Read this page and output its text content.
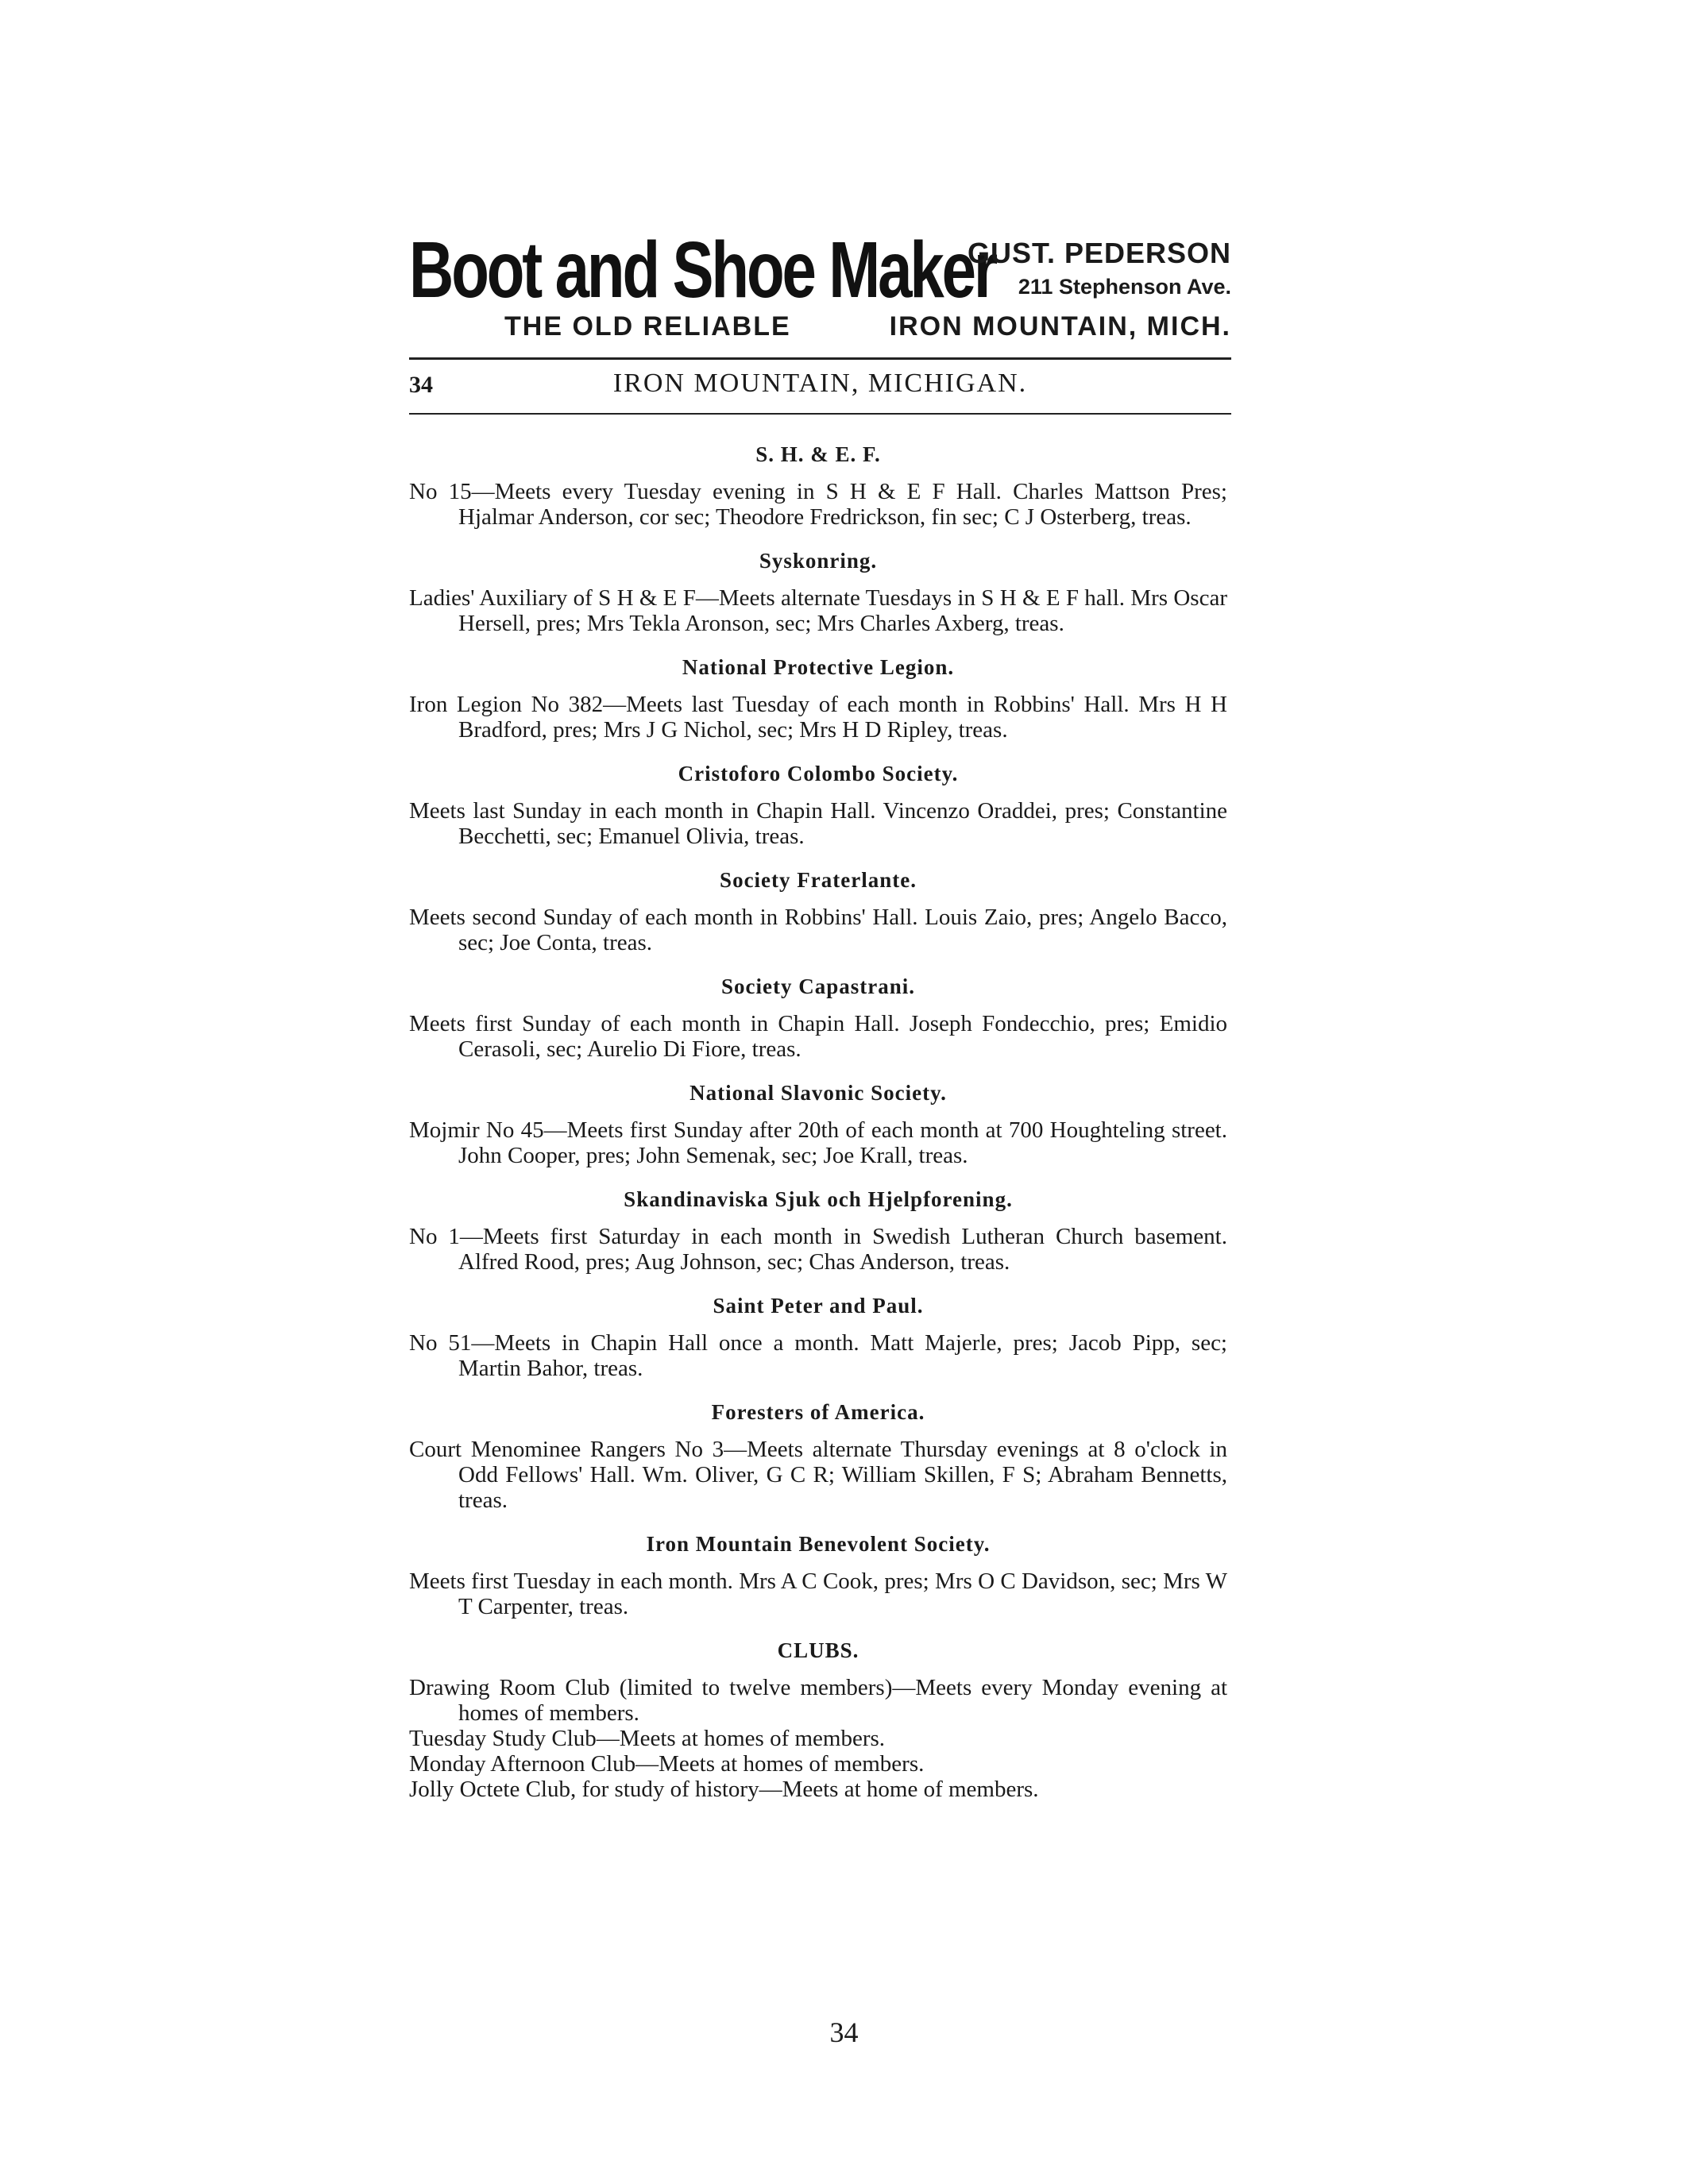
Boot and Shoe Maker
GUST. PEDERSON
211 Stephenson Ave.
THE OLD RELIABLE	IRON MOUNTAIN, MICH.
34	IRON MOUNTAIN, MICHIGAN.
S. H. & E. F.

No 15—Meets every Tuesday evening in S H & E F Hall. Charles Mattson Pres; Hjalmar Anderson, cor sec; Theodore Fredrickson, fin sec; C J Osterberg, treas.

Syskonring.

Ladies' Auxiliary of S H & E F—Meets alternate Tuesdays in S H & E F hall. Mrs Oscar Hersell, pres; Mrs Tekla Aronson, sec; Mrs Charles Axberg, treas.

National Protective Legion.

Iron Legion No 382—Meets last Tuesday of each month in Robbins' Hall. Mrs H H Bradford, pres; Mrs J G Nichol, sec; Mrs H D Ripley, treas.

Cristoforo Colombo Society.

Meets last Sunday in each month in Chapin Hall. Vincenzo Oraddei, pres; Constantine Becchetti, sec; Emanuel Olivia, treas.

Society Fraterlante.

Meets second Sunday of each month in Robbins' Hall. Louis Zaio, pres; Angelo Bacco, sec; Joe Conta, treas.

Society Capastrani.

Meets first Sunday of each month in Chapin Hall. Joseph Fondecchio, pres; Emidio Cerasoli, sec; Aurelio Di Fiore, treas.

National Slavonic Society.

Mojmir No 45—Meets first Sunday after 20th of each month at 700 Houghteling street. John Cooper, pres; John Semenak, sec; Joe Krall, treas.

Skandinaviska Sjuk och Hjelpforening.

No 1—Meets first Saturday in each month in Swedish Lutheran Church basement. Alfred Rood, pres; Aug Johnson, sec; Chas Anderson, treas.

Saint Peter and Paul.

No 51—Meets in Chapin Hall once a month. Matt Majerle, pres; Jacob Pipp, sec; Martin Bahor, treas.

Foresters of America.

Court Menominee Rangers No 3—Meets alternate Thursday evenings at 8 o'clock in Odd Fellows' Hall. Wm. Oliver, G C R; William Skillen, F S; Abraham Bennetts, treas.

Iron Mountain Benevolent Society.

Meets first Tuesday in each month. Mrs A C Cook, pres; Mrs O C Davidson, sec; Mrs W T Carpenter, treas.

CLUBS.

Drawing Room Club (limited to twelve members)—Meets every Monday evening at homes of members.

Tuesday Study Club—Meets at homes of members.

Monday Afternoon Club—Meets at homes of members.

Jolly Octete Club, for study of history—Meets at home of members.

34
